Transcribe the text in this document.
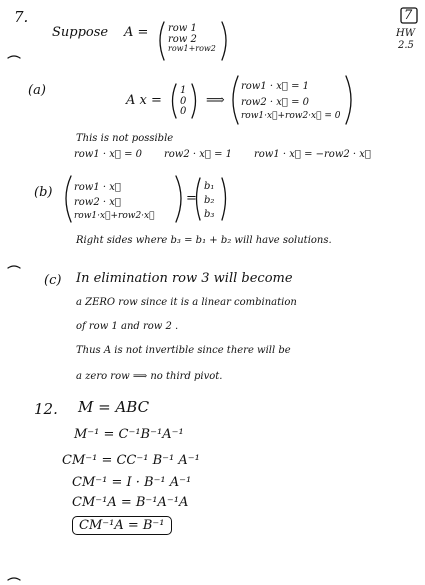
7.	7
HW
2.5
Suppose A = row 1
row 2
row1+row2
(a)
A x =
1
0
0
⟹
row1 · x⃗ = 1
row2 · x⃗ = 0
row1·x⃗+row2·x⃗ = 0
This is not possible
row1 · x⃗ = 0 row2 · x⃗ = 1 row1 · x⃗ = −row2 · x⃗
(b) row1 · x⃗
row2 · x⃗
row1·x⃗+row2·x⃗
=
b₁
b₂
b₃
Right sides where b₃ = b₁ + b₂ will have solutions.
(c) In elimination row 3 will become
a ZERO row since it is a linear combination
of row 1 and row 2 .
Thus A is not invertible since there will be
a zero row ⟹ no third pivot.
12. M = ABC
M⁻¹ = C⁻¹B⁻¹A⁻¹
CM⁻¹ = CC⁻¹ B⁻¹ A⁻¹
CM⁻¹ = I · B⁻¹ A⁻¹
CM⁻¹A = B⁻¹A⁻¹A
CM⁻¹A = B⁻¹
